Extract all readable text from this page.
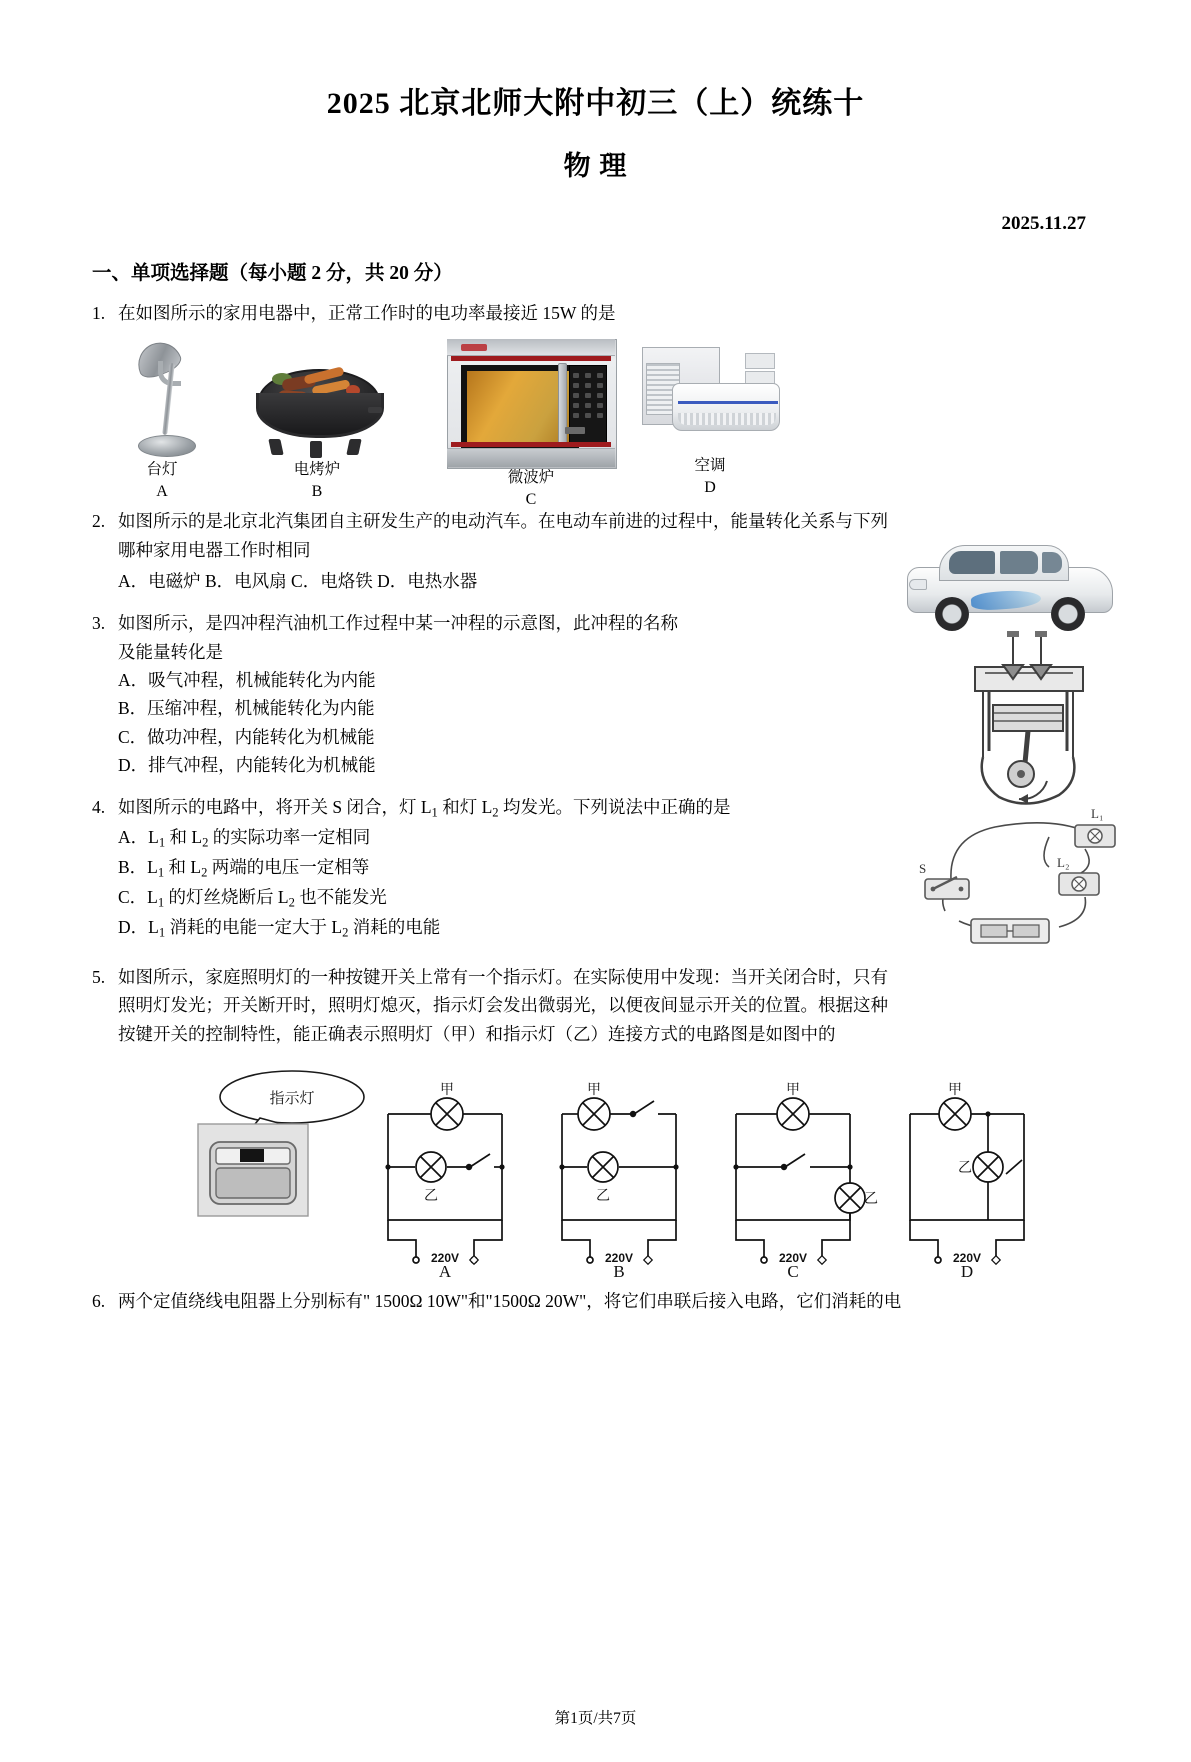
2025 北京北师大附中初三（上）统练十
物 理
2025.11.27
一、单项选择题（每小题 2 分，共 20 分）
1. 在如图所示的家用电器中，正常工作时的电功率最接近 15W 的是
台灯
A
电烤炉
B
微波炉
C
空调
D
2. 如图所示的是北京北汽集团自主研发生产的电动汽车。在电动车前进的过程中，能量转化关系与下列
哪种家用电器工作时相同
A．电磁炉 B．电风扇 C．电烙铁 D．电热水器
3. 如图所示，是四冲程汽油机工作过程中某一冲程的示意图，此冲程的名称
及能量转化是
A．吸气冲程，机械能转化为内能
B．压缩冲程，机械能转化为内能
C．做功冲程，内能转化为机械能
D．排气冲程，内能转化为机械能
4. 如图所示的电路中，将开关 S 闭合，灯 $L_1$ 和灯 $L_2$ 均发光。下列说法中正确的是
A．$L_1$ 和 $L_2$ 的实际功率一定相同
B．$L_1$ 和 $L_2$ 两端的电压一定相等
C．$L_1$ 的灯丝烧断后 $L_2$ 也不能发光
D．$L_1$ 消耗的电能一定大于 $L_2$ 消耗的电能
L₁
L₂
S
5. 如图所示，家庭照明灯的一种按键开关上常有一个指示灯。在实际使用中发现：当开关闭合时，只有
照明灯发光；开关断开时，照明灯熄灭，指示灯会发出微弱光，以便夜间显示开关的位置。根据这种
按键开关的控制特性，能正确表示照明灯（甲）和指示灯（乙）连接方式的电路图是如图中的
指示灯
甲
乙
220V
A
甲
乙
220V
B
甲
乙
220V
C
甲
乙
220V
D
6. 两个定值绕线电阻器上分别标有" 1500Ω 10W"和"1500Ω 20W"，将它们串联后接入电路，它们消耗的电
第1页/共7页
